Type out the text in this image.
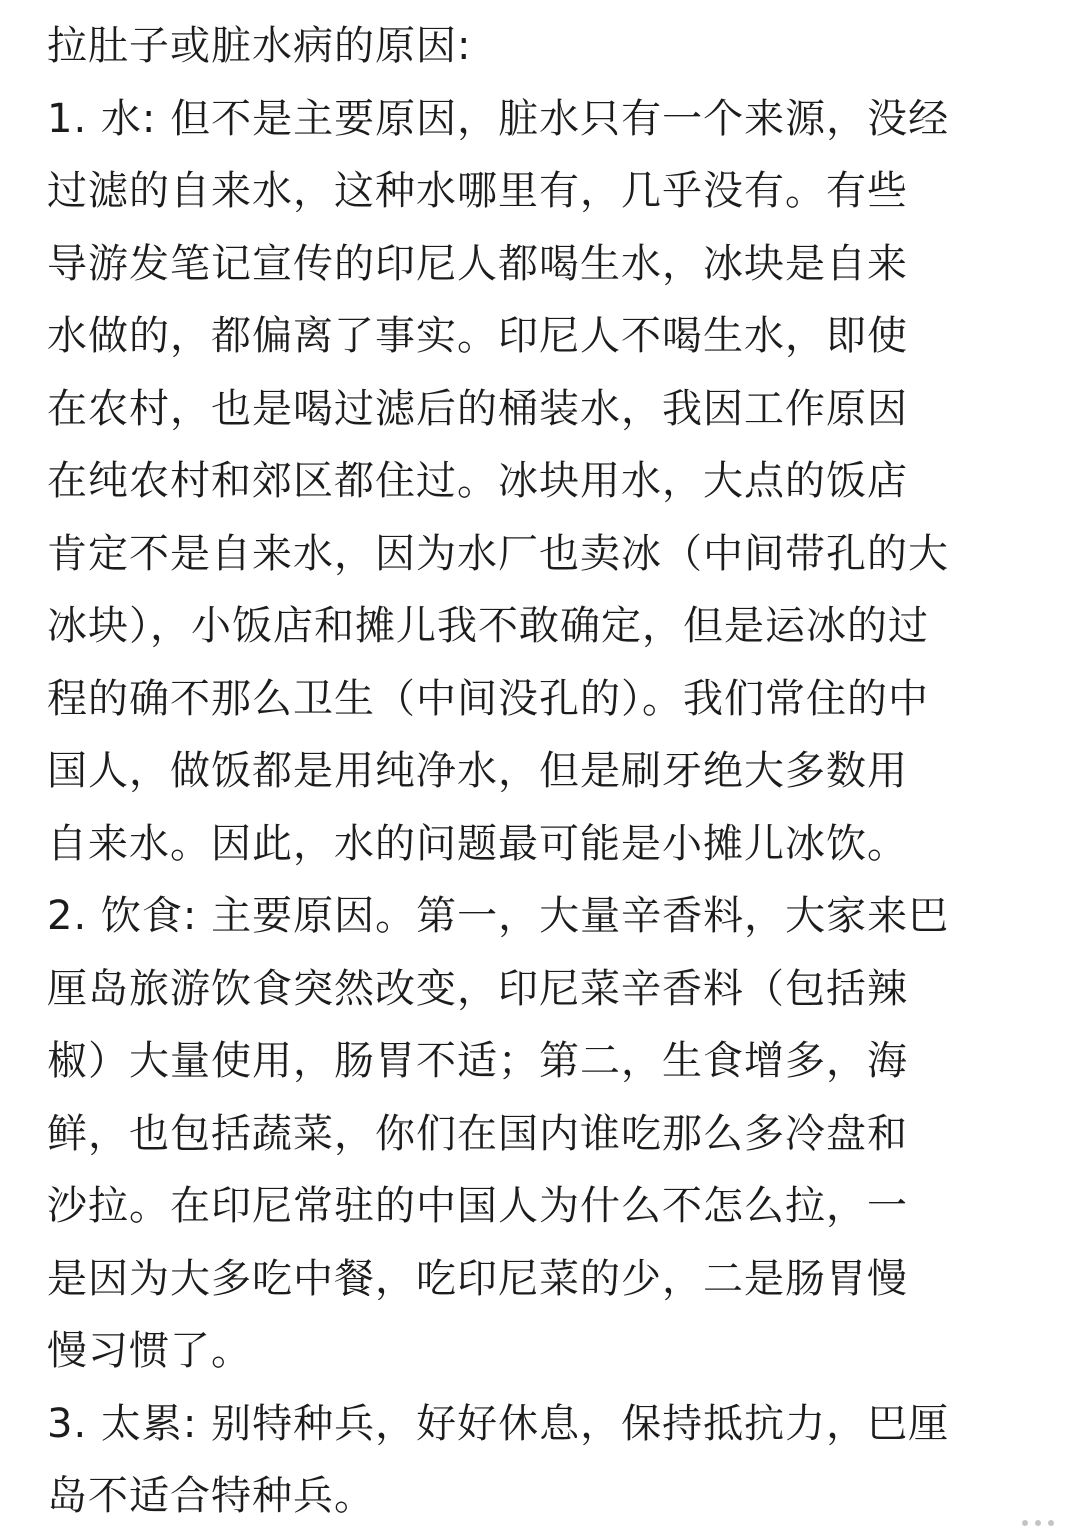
拉肚子或脏水病的原因:

1. 水: 但不是主要原因，脏水只有一个来源，没经
过滤的自来水，这种水哪里有，几乎没有。有些
导游发笔记宣传的印尼人都喝生水，冰块是自来
水做的，都偏离了事实。印尼人不喝生水，即使
在农村，也是喝过滤后的桶装水，我因工作原因
在纯农村和郊区都住过。冰块用水，大点的饭店
肯定不是自来水，因为水厂也卖冰（中间带孔的大
冰块），小饭店和摊儿我不敢确定，但是运冰的过
程的确不那么卫生（中间没孔的）。我们常住的中
国人，做饭都是用纯净水，但是刷牙绝大多数用
自来水。因此，水的问题最可能是小摊儿冰饮。

2. 饮食: 主要原因。第一，大量辛香料，大家来巴
厘岛旅游饮食突然改变，印尼菜辛香料（包括辣
椒）大量使用，肠胃不适；第二，生食增多，海
鲜，也包括蔬菜，你们在国内谁吃那么多冷盘和
沙拉。在印尼常驻的中国人为什么不怎么拉，一
是因为大多吃中餐，吃印尼菜的少，二是肠胃慢
慢习惯了。

3. 太累: 别特种兵，好好休息，保持抵抗力，巴厘
岛不适合特种兵。
